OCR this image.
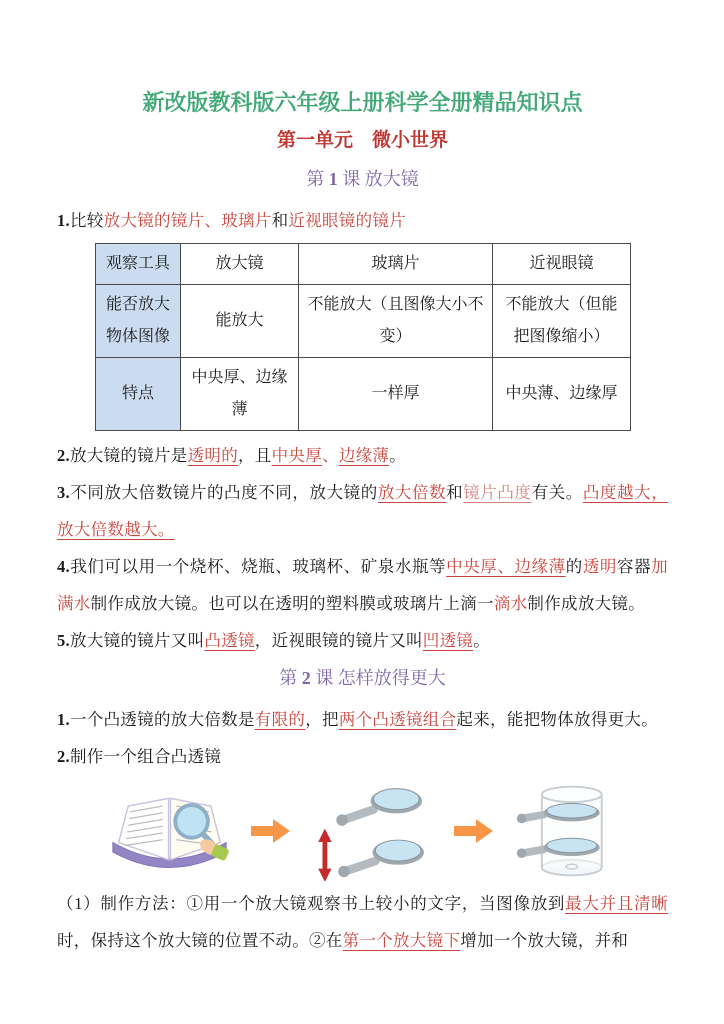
新改版教科版六年级上册科学全册精品知识点
第一单元　微小世界
第 1 课 放大镜

1.比较放大镜的镜片、玻璃片和近视眼镜的镜片

观察工具	放大镜	玻璃片	近视眼镜
能否放大物体图像	能放大	不能放大（且图像大小不变）	不能放大（但能把图像缩小）
特点	中央厚、边缘薄	一样厚	中央薄、边缘厚

2.放大镜的镜片是透明的，且中央厚、边缘薄。

3.不同放大倍数镜片的凸度不同，放大镜的放大倍数和镜片凸度有关。凸度越大，放大倍数越大。

4.我们可以用一个烧杯、烧瓶、玻璃杯、矿泉水瓶等中央厚、边缘薄的透明容器加满水制作成放大镜。也可以在透明的塑料膜或玻璃片上滴一滴水制作成放大镜。

5.放大镜的镜片又叫凸透镜，近视眼镜的镜片又叫凹透镜。

第 2 课 怎样放得更大

1.一个凸透镜的放大倍数是有限的，把两个凸透镜组合起来，能把物体放得更大。

2.制作一个组合凸透镜

（1）制作方法：①用一个放大镜观察书上较小的文字，当图像放到最大并且清晰时，保持这个放大镜的位置不动。②在第一个放大镜下增加一个放大镜，并和
